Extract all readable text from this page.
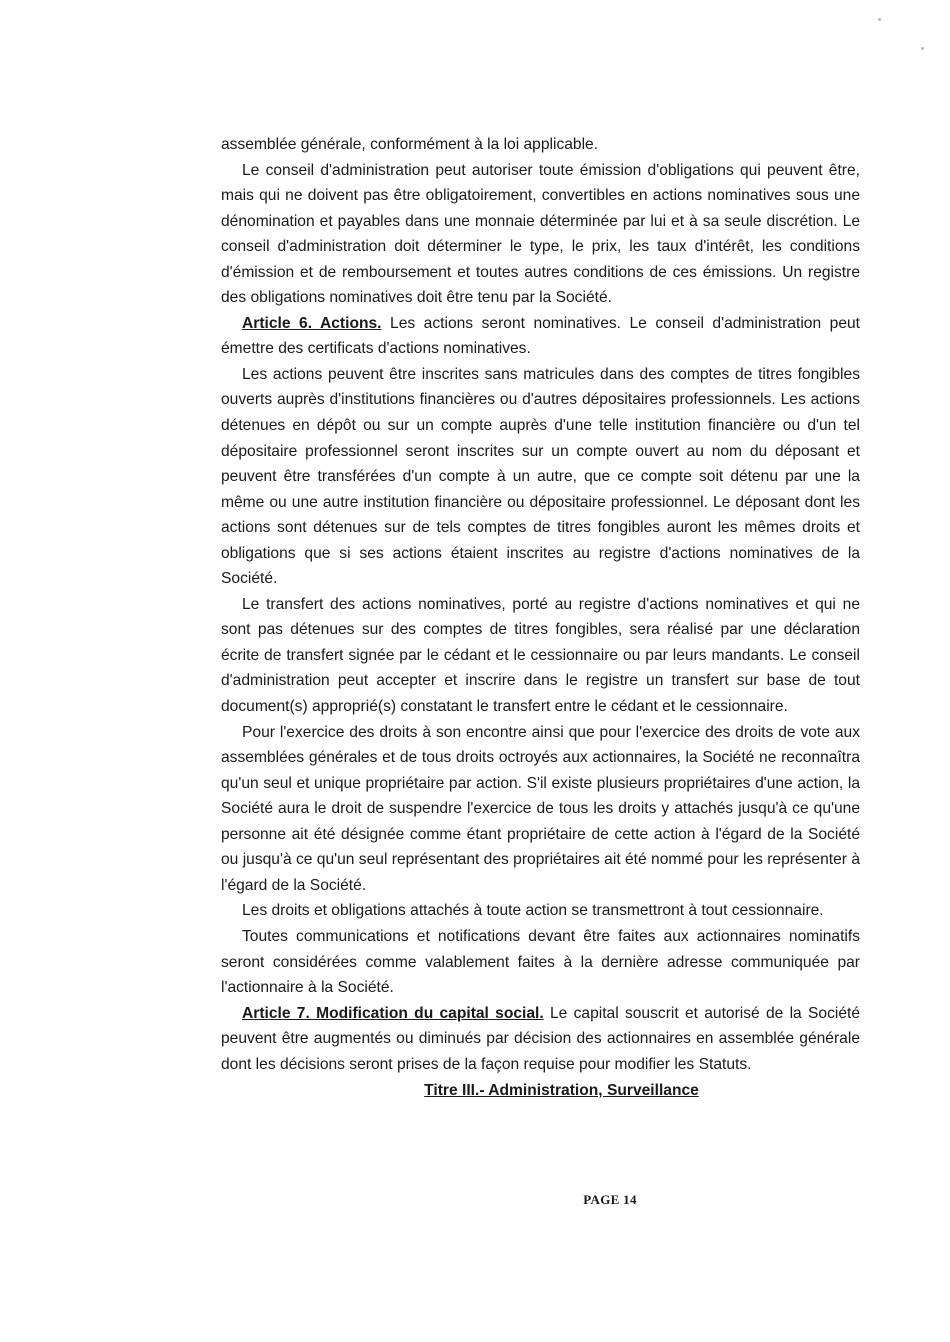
assemblée générale, conformément à la loi applicable.

Le conseil d'administration peut autoriser toute émission d'obligations qui peuvent être, mais qui ne doivent pas être obligatoirement, convertibles en actions nominatives sous une dénomination et payables dans une monnaie déterminée par lui et à sa seule discrétion. Le conseil d'administration doit déterminer le type, le prix, les taux d'intérêt, les conditions d'émission et de remboursement et toutes autres conditions de ces émissions. Un registre des obligations nominatives doit être tenu par la Société.

Article 6. Actions. Les actions seront nominatives. Le conseil d'administration peut émettre des certificats d'actions nominatives.

Les actions peuvent être inscrites sans matricules dans des comptes de titres fongibles ouverts auprès d'institutions financières ou d'autres dépositaires professionnels. Les actions détenues en dépôt ou sur un compte auprès d'une telle institution financière ou d'un tel dépositaire professionnel seront inscrites sur un compte ouvert au nom du déposant et peuvent être transférées d'un compte à un autre, que ce compte soit détenu par une la même ou une autre institution financière ou dépositaire professionnel. Le déposant dont les actions sont détenues sur de tels comptes de titres fongibles auront les mêmes droits et obligations que si ses actions étaient inscrites au registre d'actions nominatives de la Société.

Le transfert des actions nominatives, porté au registre d'actions nominatives et qui ne sont pas détenues sur des comptes de titres fongibles, sera réalisé par une déclaration écrite de transfert signée par le cédant et le cessionnaire ou par leurs mandants. Le conseil d'administration peut accepter et inscrire dans le registre un transfert sur base de tout document(s) approprié(s) constatant le transfert entre le cédant et le cessionnaire.

Pour l'exercice des droits à son encontre ainsi que pour l'exercice des droits de vote aux assemblées générales et de tous droits octroyés aux actionnaires, la Société ne reconnaîtra qu'un seul et unique propriétaire par action. S'il existe plusieurs propriétaires d'une action, la Société aura le droit de suspendre l'exercice de tous les droits y attachés jusqu'à ce qu'une personne ait été désignée comme étant propriétaire de cette action à l'égard de la Société ou jusqu'à ce qu'un seul représentant des propriétaires ait été nommé pour les représenter à l'égard de la Société.

Les droits et obligations attachés à toute action se transmettront à tout cessionnaire.

Toutes communications et notifications devant être faites aux actionnaires nominatifs seront considérées comme valablement faites à la dernière adresse communiquée par l'actionnaire à la Société.

Article 7. Modification du capital social. Le capital souscrit et autorisé de la Société peuvent être augmentés ou diminués par décision des actionnaires en assemblée générale dont les décisions seront prises de la façon requise pour modifier les Statuts.

Titre III.- Administration, Surveillance

PAGE 14
